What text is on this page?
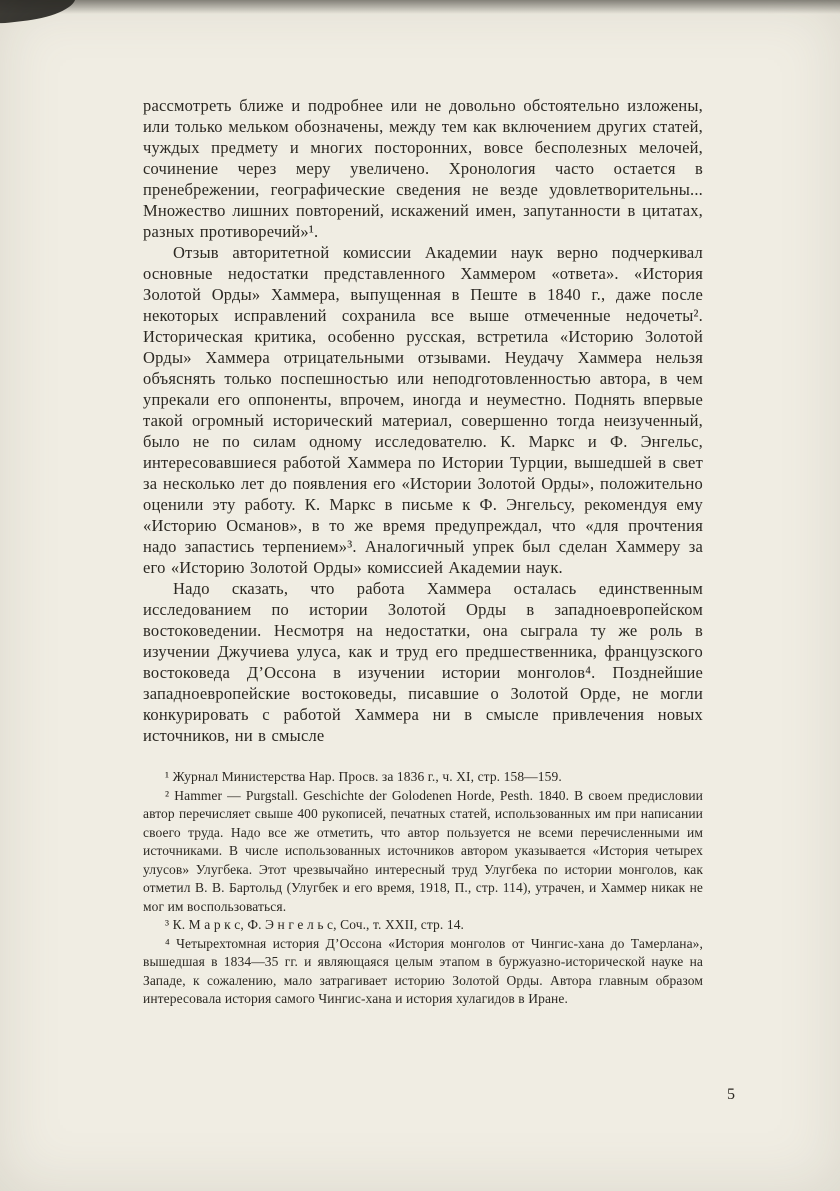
рассмотреть ближе и подробнее или не довольно обстоятельно изложены, или только мельком обозначены, между тем как включением других статей, чуждых предмету и многих посторонних, вовсе бесполезных мелочей, сочинение через меру увеличено. Хронология часто остается в пренебрежении, географические сведения не везде удовлетворительны... Множество лишних повторений, искажений имен, запутанности в цитатах, разных противоречий»¹.

Отзыв авторитетной комиссии Академии наук верно подчеркивал основные недостатки представленного Хаммером «ответа». «История Золотой Орды» Хаммера, выпущенная в Пеште в 1840 г., даже после некоторых исправлений сохранила все выше отмеченные недочеты². Историческая критика, особенно русская, встретила «Историю Золотой Орды» Хаммера отрицательными отзывами. Неудачу Хаммера нельзя объяснять только поспешностью или неподготовленностью автора, в чем упрекали его оппоненты, впрочем, иногда и неуместно. Поднять впервые такой огромный исторический материал, совершенно тогда неизученный, было не по силам одному исследователю. К. Маркс и Ф. Энгельс, интересовавшиеся работой Хаммера по Истории Турции, вышедшей в свет за несколько лет до появления его «Истории Золотой Орды», положительно оценили эту работу. К. Маркс в письме к Ф. Энгельсу, рекомендуя ему «Историю Османов», в то же время предупреждал, что «для прочтения надо запастись терпением»³. Аналогичный упрек был сделан Хаммеру за его «Историю Золотой Орды» комиссией Академии наук.

Надо сказать, что работа Хаммера осталась единственным исследованием по истории Золотой Орды в западноевропейском востоковедении. Несмотря на недостатки, она сыграла ту же роль в изучении Джучиева улуса, как и труд его предшественника, французского востоковеда Д’Оссона в изучении истории монголов⁴. Позднейшие западноевропейские востоковеды, писавшие о Золотой Орде, не могли конкурировать с работой Хаммера ни в смысле привлечения новых источников, ни в смысле

¹ Журнал Министерства Нар. Просв. за 1836 г., ч. XI, стр. 158—159.

² Hammer — Purgstall. Geschichte der Golodenen Horde, Pesth. 1840. В своем предисловии автор перечисляет свыше 400 рукописей, печатных статей, использованных им при написании своего труда. Надо все же отметить, что автор пользуется не всеми перечисленными им источниками. В числе использованных источников автором указывается «История четырех улусов» Улугбека. Этот чрезвычайно интересный труд Улугбека по истории монголов, как отметил В. В. Бартольд (Улугбек и его время, 1918, П., стр. 114), утрачен, и Хаммер никак не мог им воспользоваться.

³ К. М а р к с, Ф. Э н г е л ь с, Соч., т. XXII, стр. 14.

⁴ Четырехтомная история Д’Оссона «История монголов от Чингис-хана до Тамерлана», вышедшая в 1834—35 гг. и являющаяся целым этапом в буржуазно-исторической науке на Западе, к сожалению, мало затрагивает историю Золотой Орды. Автора главным образом интересовала история самого Чингис-хана и история хулагидов в Иране.

5
